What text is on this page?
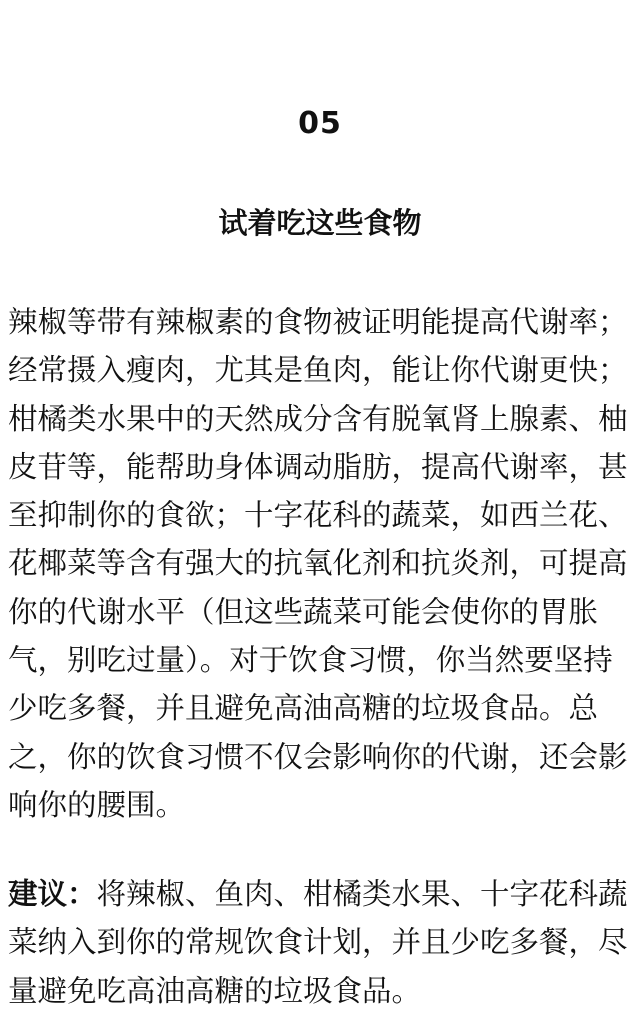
05
试着吃这些食物

辣椒等带有辣椒素的食物被证明能提高代谢率；经常摄入瘦肉，尤其是鱼肉，能让你代谢更快；柑橘类水果中的天然成分含有脱氧肾上腺素、柚皮苷等，能帮助身体调动脂肪，提高代谢率，甚至抑制你的食欲；十字花科的蔬菜，如西兰花、花椰菜等含有强大的抗氧化剂和抗炎剂，可提高你的代谢水平（但这些蔬菜可能会使你的胃胀气，别吃过量）。对于饮食习惯，你当然要坚持少吃多餐，并且避免高油高糖的垃圾食品。总之，你的饮食习惯不仅会影响你的代谢，还会影响你的腰围。

建议：将辣椒、鱼肉、柑橘类水果、十字花科蔬菜纳入到你的常规饮食计划，并且少吃多餐，尽量避免吃高油高糖的垃圾食品。
